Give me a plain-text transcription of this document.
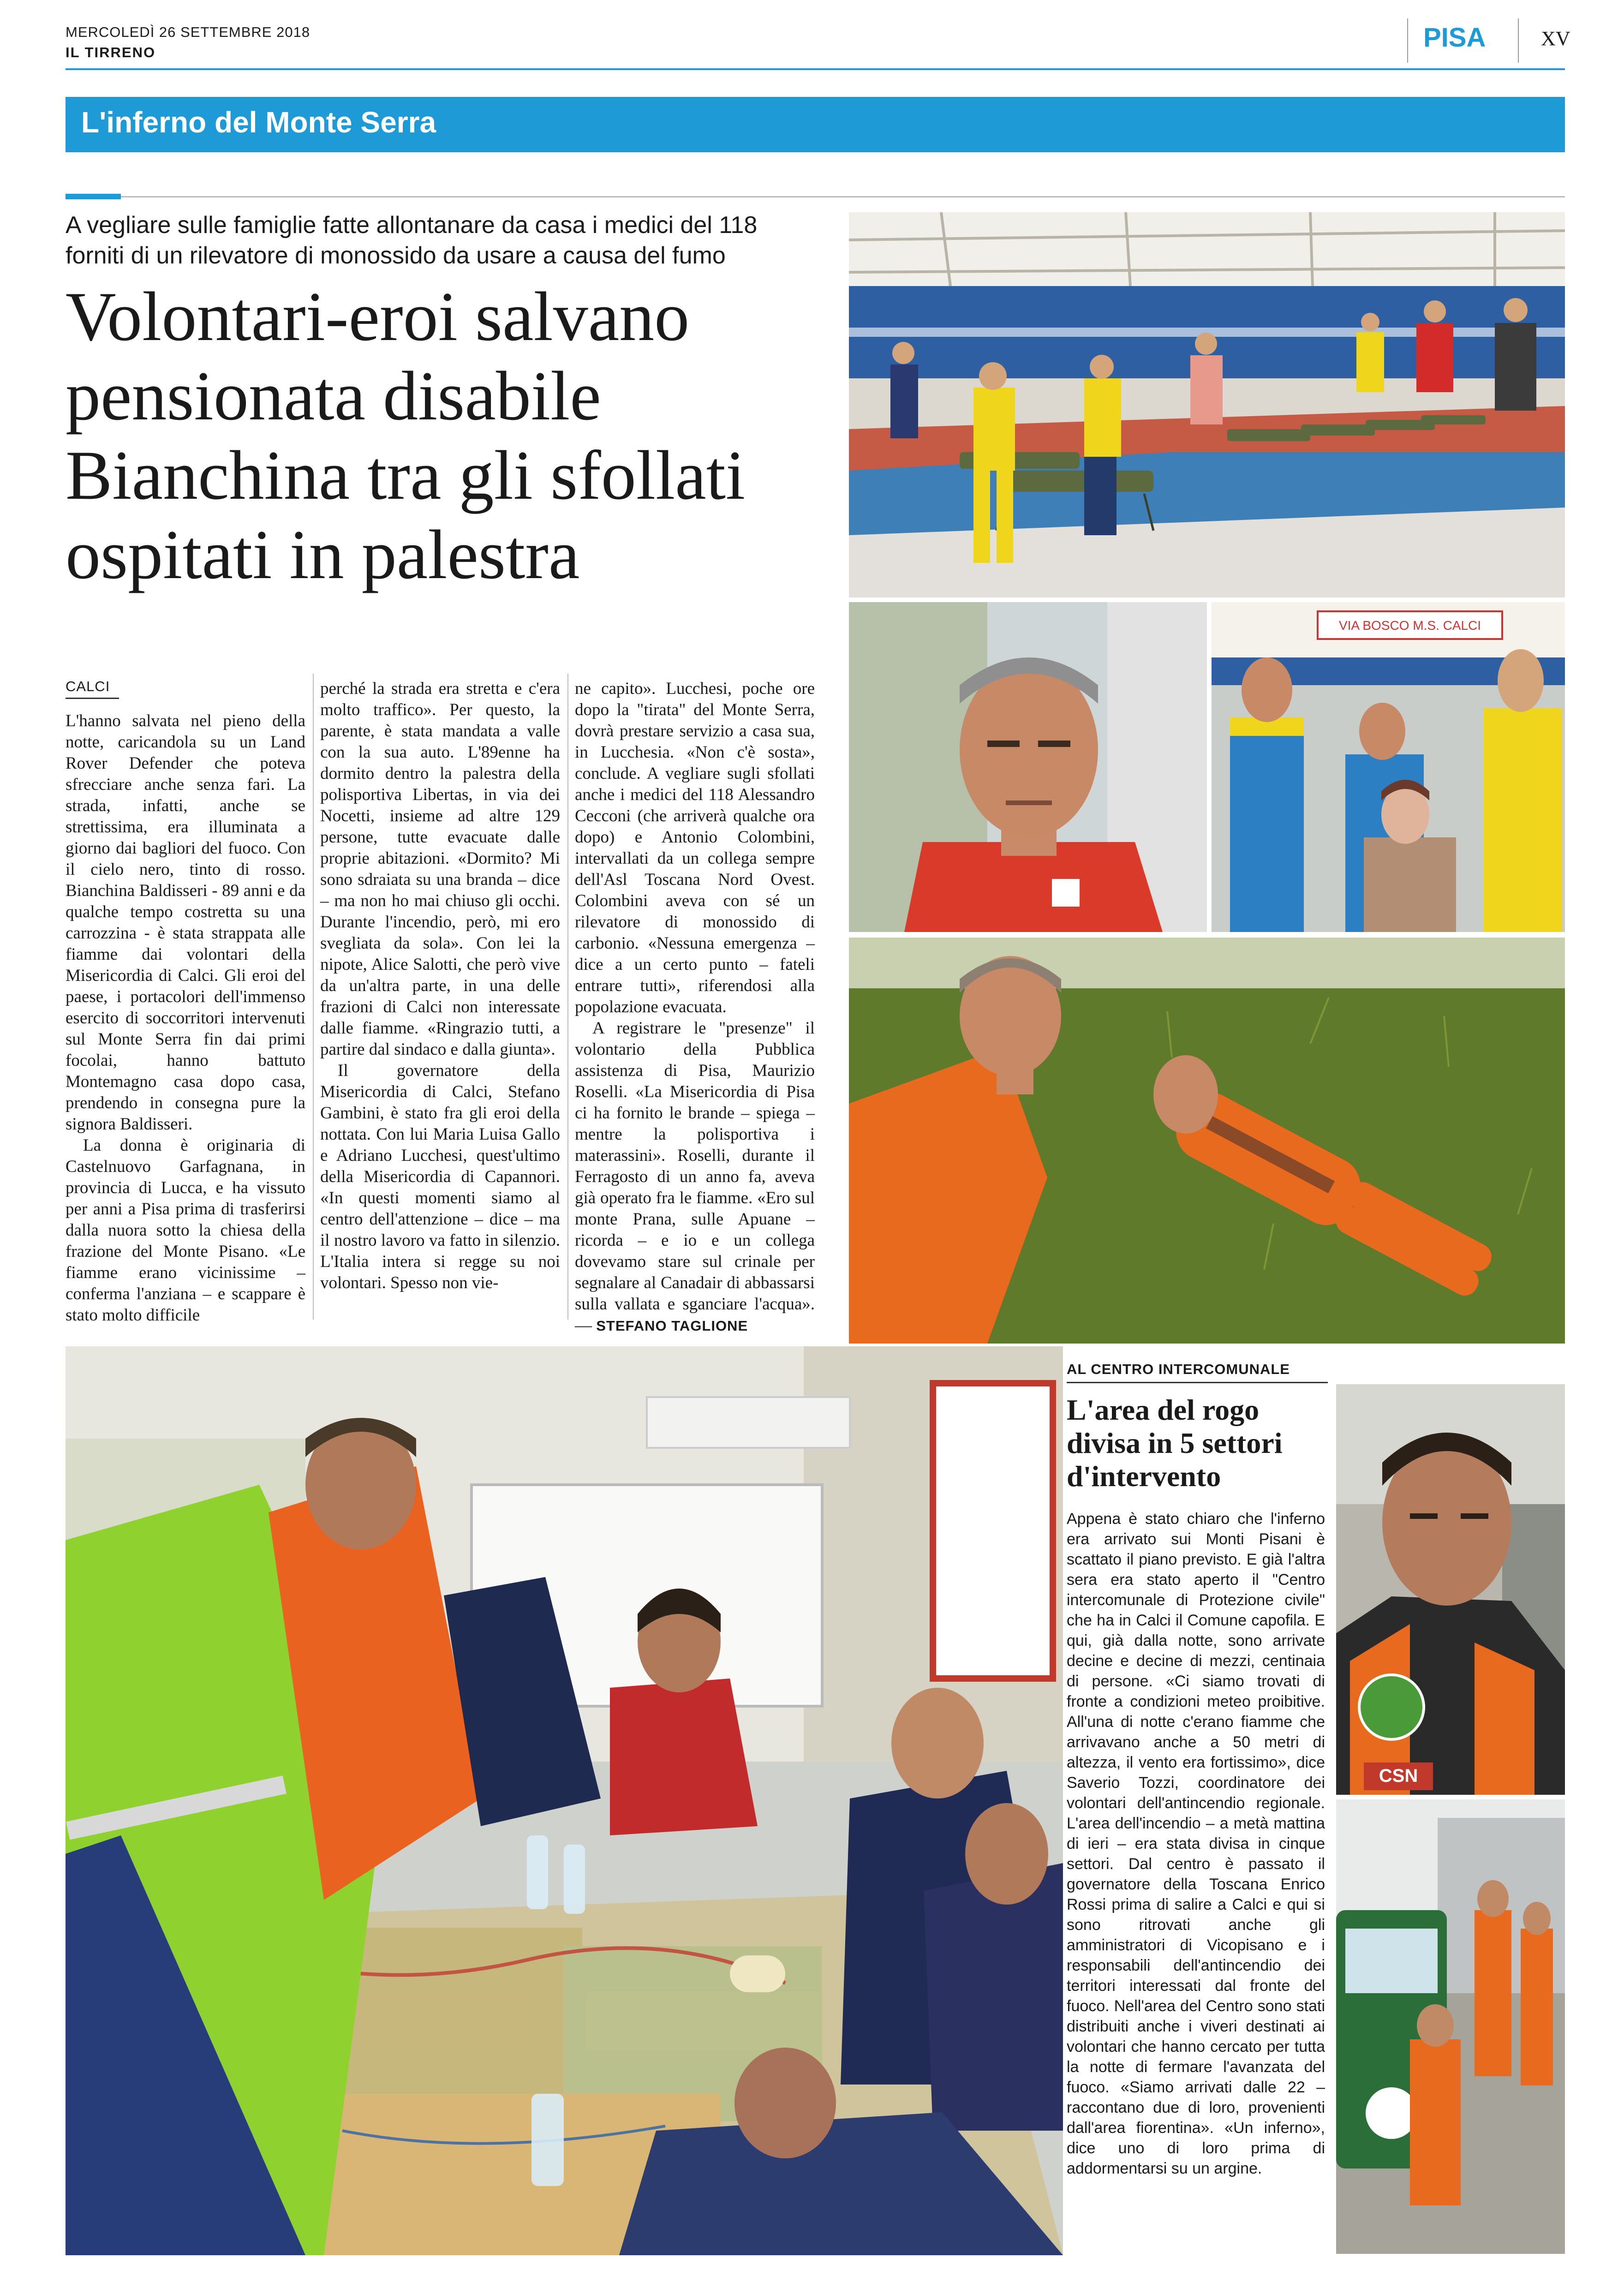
MERCOLEDÌ 26 SETTEMBRE 2018
IL TIRRENO	PISA	XV
L'inferno del Monte Serra
A vegliare sulle famiglie fatte allontanare da casa i medici del 118 forniti di un rilevatore di monossido da usare a causa del fumo
Volontari-eroi salvano pensionata disabile Bianchina tra gli sfollati ospitati in palestra
CALCI

L'hanno salvata nel pieno della notte, caricandola su un Land Rover Defender che poteva sfrecciare anche senza fari. La strada, infatti, anche se strettissima, era illuminata a giorno dai bagliori del fuoco. Con il cielo nero, tinto di rosso. Bianchina Baldisseri - 89 anni e da qualche tempo costretta su una carrozzina - è stata strappata alle fiamme dai volontari della Misericordia di Calci. Gli eroi del paese, i portacolori dell'immenso esercito di soccorritori intervenuti sul Monte Serra fin dai primi focolai, hanno battuto Montemagno casa dopo casa, prendendo in consegna pure la signora Baldisseri.

La donna è originaria di Castelnuovo Garfagnana, in provincia di Lucca, e ha vissuto per anni a Pisa prima di trasferirsi dalla nuora sotto la chiesa della frazione del Monte Pisano. «Le fiamme erano vicinissime – conferma l'anziana – e scappare è stato molto difficile

perché la strada era stretta e c'era molto traffico». Per questo, la parente, è stata mandata a valle con la sua auto. L'89enne ha dormito dentro la palestra della polisportiva Libertas, in via dei Nocetti, insieme ad altre 129 persone, tutte evacuate dalle proprie abitazioni. «Dormito? Mi sono sdraiata su una branda – dice – ma non ho mai chiuso gli occhi. Durante l'incendio, però, mi ero svegliata da sola». Con lei la nipote, Alice Salotti, che però vive da un'altra parte, in una delle frazioni di Calci non interessate dalle fiamme. «Ringrazio tutti, a partire dal sindaco e dalla giunta».

Il governatore della Misericordia di Calci, Stefano Gambini, è stato fra gli eroi della nottata. Con lui Maria Luisa Gallo e Adriano Lucchesi, quest'ultimo della Misericordia di Capannori. «In questi momenti siamo al centro dell'attenzione – dice – ma il nostro lavoro va fatto in silenzio. L'Italia intera si regge su noi volontari. Spesso non vie-

ne capito». Lucchesi, poche ore dopo la "tirata" del Monte Serra, dovrà prestare servizio a casa sua, in Lucchesia. «Non c'è sosta», conclude. A vegliare sugli sfollati anche i medici del 118 Alessandro Cecconi (che arriverà qualche ora dopo) e Antonio Colombini, intervallati da un collega sempre dell'Asl Toscana Nord Ovest. Colombini aveva con sé un rilevatore di monossido di carbonio. «Nessuna emergenza – dice a un certo punto – fateli entrare tutti», riferendosi alla popolazione evacuata.

A registrare le "presenze" il volontario della Pubblica assistenza di Pisa, Maurizio Roselli. «La Misericordia di Pisa ci ha fornito le brande – spiega – mentre la polisportiva i materassini». Roselli, durante il Ferragosto di un anno fa, aveva già operato fra le fiamme. «Ero sul monte Prana, sulle Apuane – ricorda – e io e un collega dovevamo stare sul crinale per segnalare al Canadair di abbassarsi sulla vallata e sganciare l'acqua». — STEFANO TAGLIONE

VIA BOSCO M.S. CALCI
AL CENTRO INTERCOMUNALE
L'area del rogo divisa in 5 settori d'intervento
Appena è stato chiaro che l'inferno era arrivato sui Monti Pisani è scattato il piano previsto. E già l'altra sera era stato aperto il "Centro intercomunale di Protezione civile" che ha in Calci il Comune capofila. E qui, già dalla notte, sono arrivate decine e decine di mezzi, centinaia di persone. «Ci siamo trovati di fronte a condizioni meteo proibitive. All'una di notte c'erano fiamme che arrivavano anche a 50 metri di altezza, il vento era fortissimo», dice Saverio Tozzi, coordinatore dei volontari dell'antincendio regionale. L'area dell'incendio – a metà mattina di ieri – era stata divisa in cinque settori. Dal centro è passato il governatore della Toscana Enrico Rossi prima di salire a Calci e qui si sono ritrovati anche gli amministratori di Vicopisano e i responsabili dell'antincendio dei territori interessati dal fronte del fuoco. Nell'area del Centro sono stati distribuiti anche i viveri destinati ai volontari che hanno cercato per tutta la notte di fermare l'avanzata del fuoco. «Siamo arrivati dalle 22 – raccontano due di loro, provenienti dall'area fiorentina». «Un inferno», dice uno di loro prima di addormentarsi su un argine.
CSN
